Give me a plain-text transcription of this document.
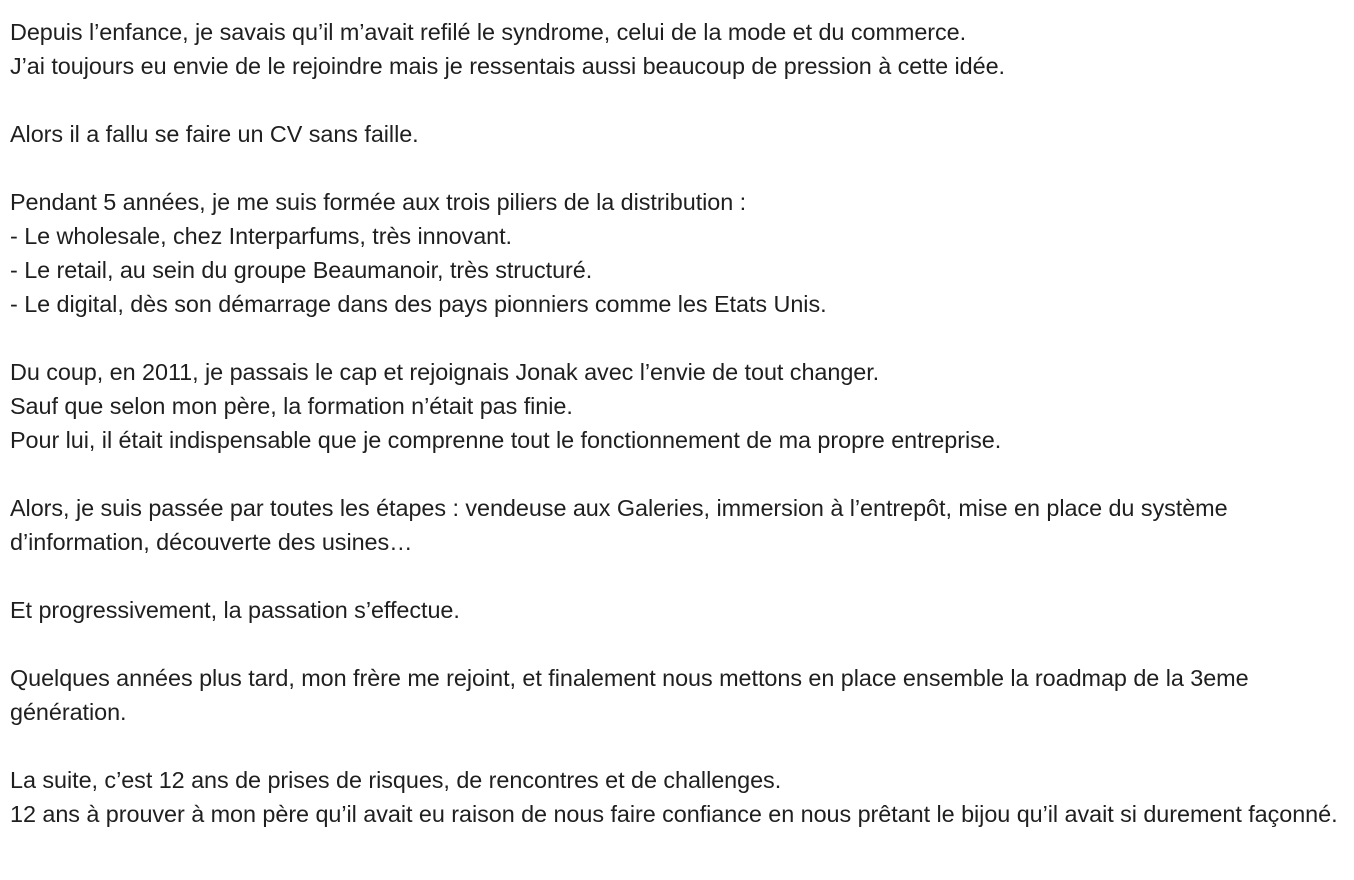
Depuis l’enfance, je savais qu’il m’avait refilé le syndrome, celui de la mode et du commerce.
J’ai toujours eu envie de le rejoindre mais je ressentais aussi beaucoup de pression à cette idée.

Alors il a fallu se faire un CV sans faille.

Pendant 5 années, je me suis formée aux trois piliers de la distribution :
- Le wholesale, chez Interparfums, très innovant.
- Le retail, au sein du groupe Beaumanoir, très structuré.
- Le digital, dès son démarrage dans des pays pionniers comme les Etats Unis.

Du coup, en 2011, je passais le cap et rejoignais Jonak avec l’envie de tout changer.
Sauf que selon mon père, la formation n’était pas finie.
Pour lui, il était indispensable que je comprenne tout le fonctionnement de ma propre entreprise.

Alors, je suis passée par toutes les étapes : vendeuse aux Galeries, immersion à l’entrepôt, mise en place du système d’information, découverte des usines…

Et progressivement, la passation s’effectue.

Quelques années plus tard, mon frère me rejoint, et finalement nous mettons en place ensemble la roadmap de la 3eme génération.

La suite, c’est 12 ans de prises de risques, de rencontres et de challenges.
12 ans à prouver à mon père qu’il avait eu raison de nous faire confiance en nous prêtant le bijou qu’il avait si durement façonné.
